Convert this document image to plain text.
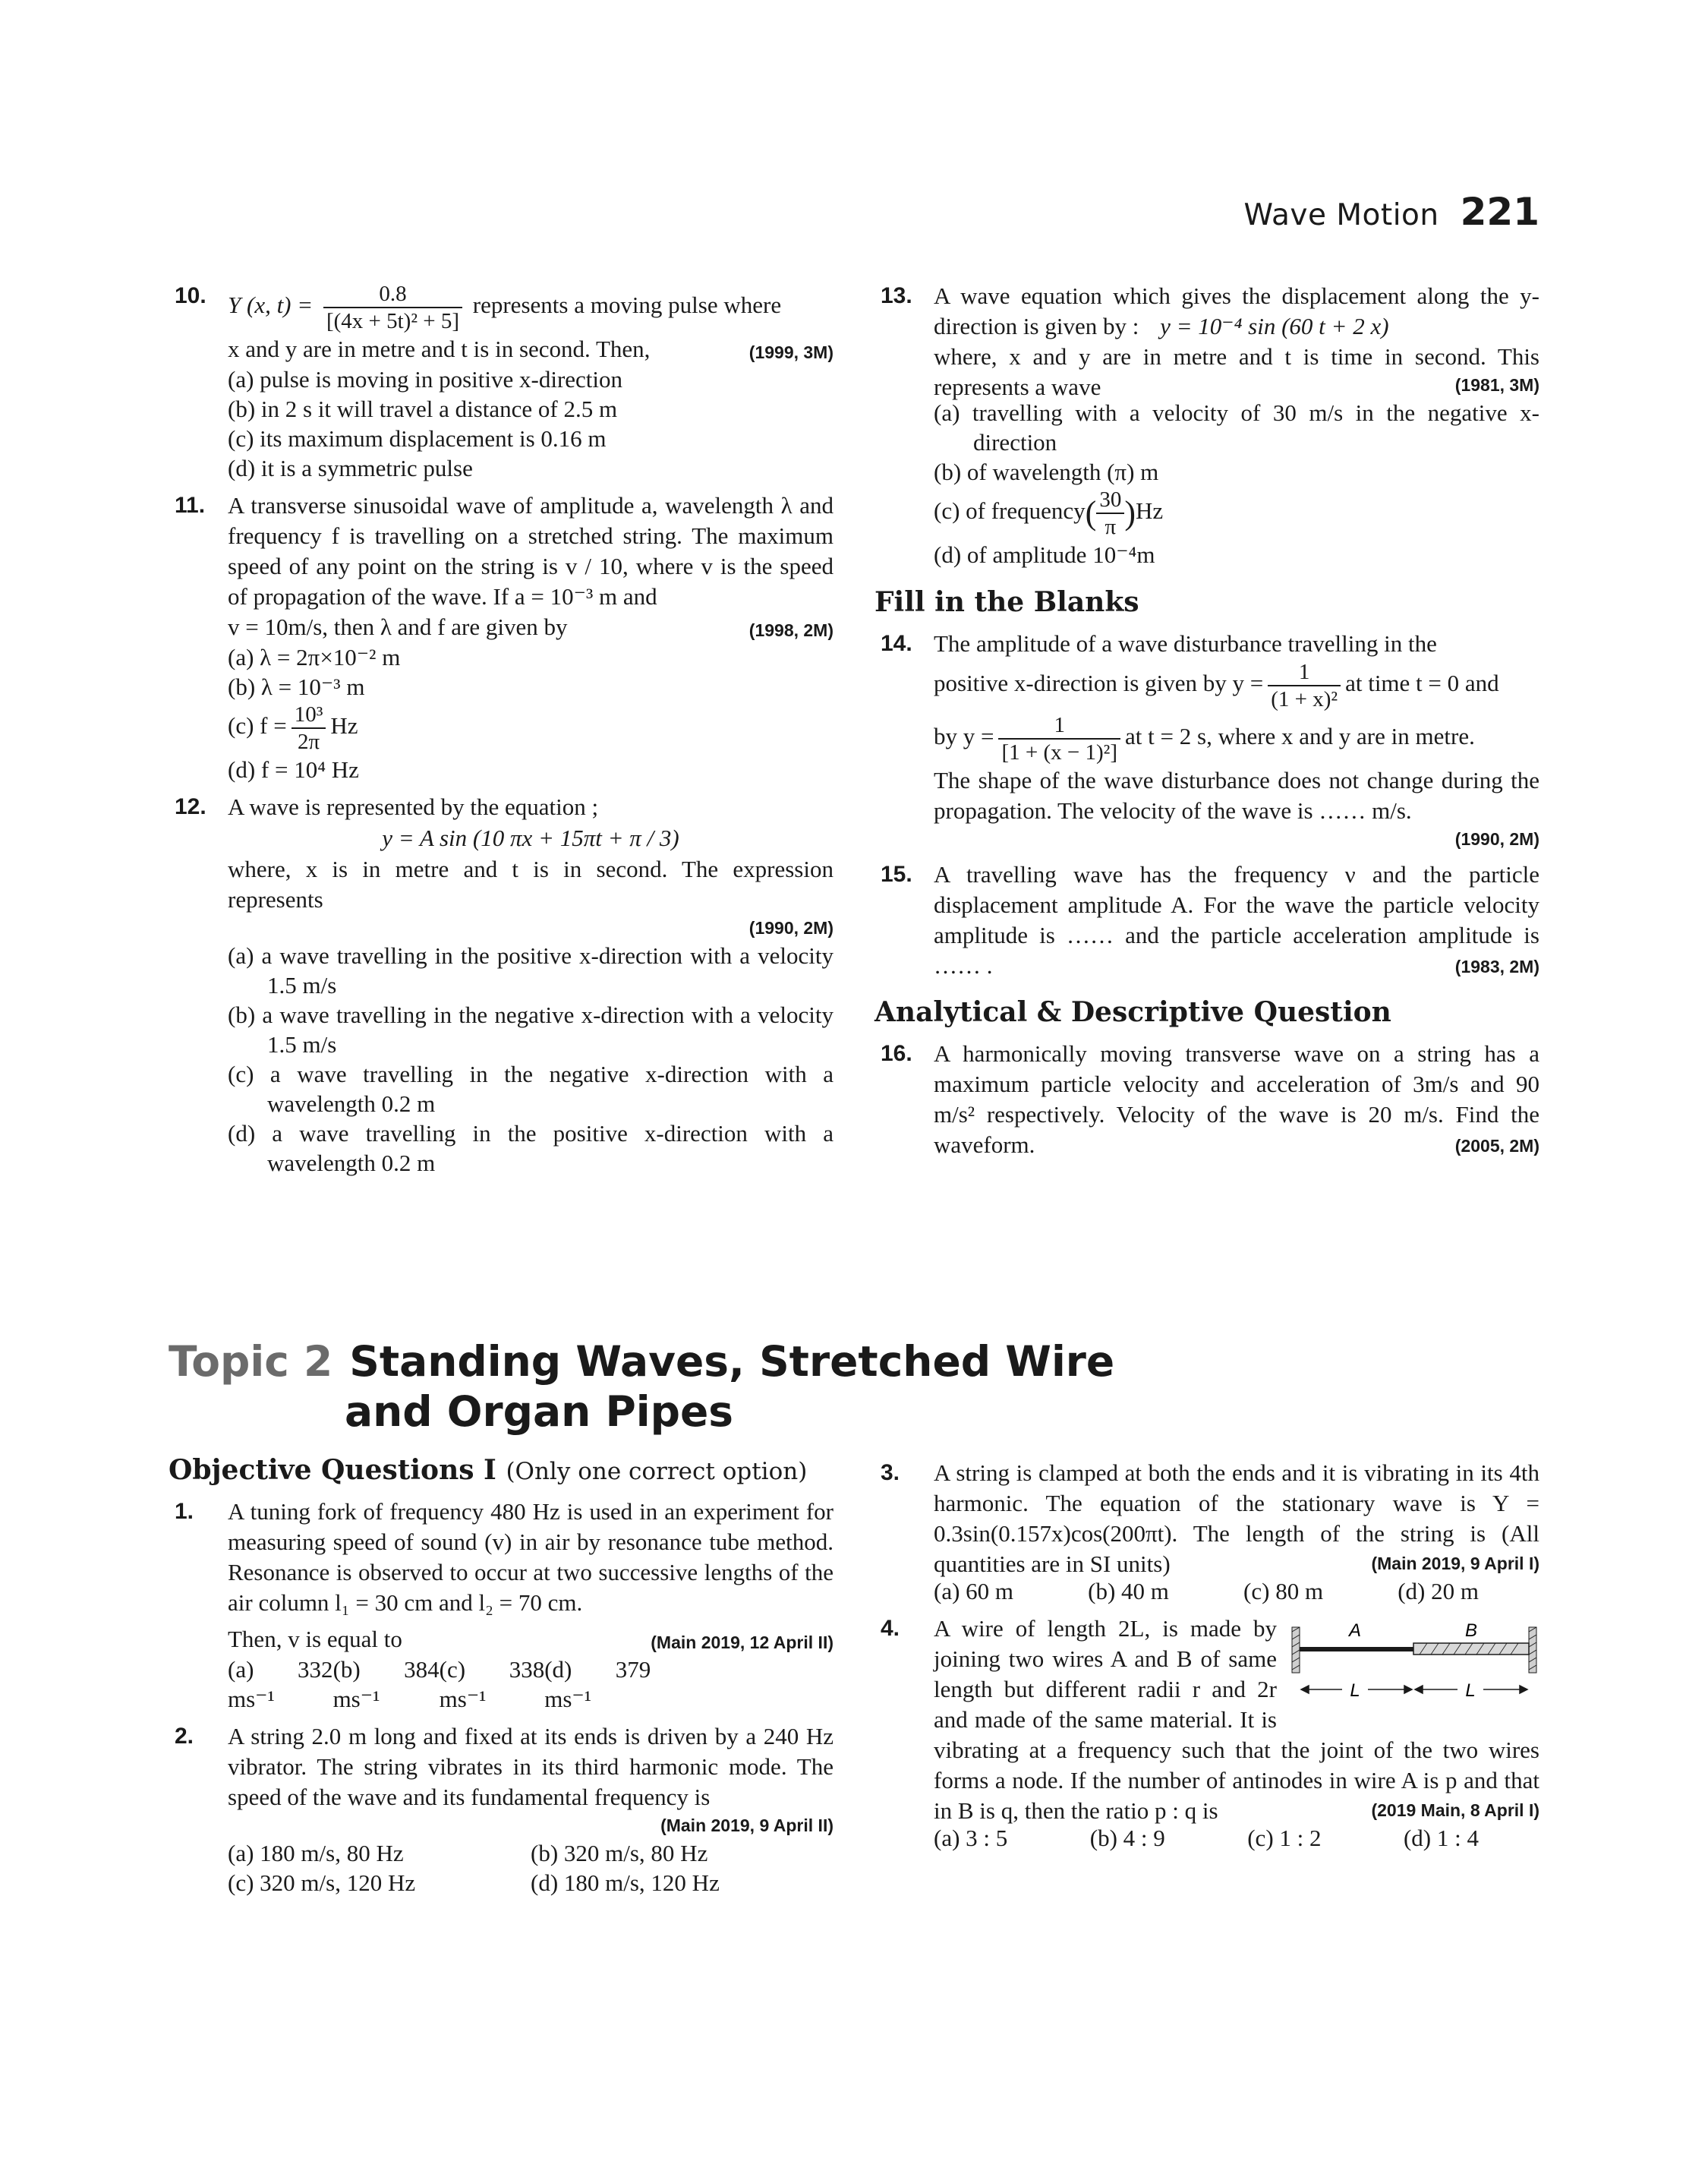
Wave Motion 221
10. Y (x, $t) = \frac{0.8}{\text{[(4x + 5t)² + 5]}}$ represents a moving pulse where
(1999, 3M)
x and y are in metre and t is in second. Then,
(a) pulse is moving in positive x-direction
(b) in 2 s it will travel a distance of 2.5 m
(c) its maximum displacement is 0.16 m
(d) it is a symmetric pulse
11. A transverse sinusoidal wave of amplitude a, wavelength λ and frequency f is travelling on a stretched string. The maximum speed of any point on the string is v / 10, where v is the speed of propagation of the wave. If a = 10⁻³ m and
(1998, 2M)
v = 10m/s, then λ and f are given by
(a) λ = 2π×10⁻² m
(b) λ = 10⁻³ m
(c) $f = \frac{\text{10³}}{2\pi}$ Hz
(d) f = 10⁴ Hz
12. A wave is represented by the equation ;
y = A sin (10 πx + 15πt + π / 3)
where, x is in metre and t is in second. The expression represents
(1990, 2M)
(a) a wave travelling in the positive x-direction with a velocity 1.5 m/s
(b) a wave travelling in the negative x-direction with a velocity 1.5 m/s
(c) a wave travelling in the negative x-direction with a wavelength 0.2 m
(d) a wave travelling in the positive x-direction with a wavelength 0.2 m
13. A wave equation which gives the displacement along the y-direction is given by : y = 10⁻⁴ sin (60 t + 2 x)
where, x and y are in metre and t is time in second. This represents a wave	(1981, 3M)
(a) travelling with a velocity of 30 m/s in the negative x-direction
(b) of wavelength (π) m
(c) of frequency( $\frac{30}{\pi} )Hz$
(d) of amplitude 10⁻⁴m
Fill in the Blanks
14. The amplitude of a wave disturbance travelling in the
positive x-direction is given by $y = \frac{1}{\text{(1 + x)²}}$ at time t = 0 and
by $y = \frac{1}{\text{[1 + (x − 1)²]}}$ at t = 2 s, where x and y are in metre.
The shape of the wave disturbance does not change during the propagation. The velocity of the wave is …… m/s.
(1990, 2M)
15. A travelling wave has the frequency ν and the particle displacement amplitude A. For the wave the particle velocity amplitude is …… and the particle acceleration amplitude is …… .	(1983, 2M)
Analytical & Descriptive Question
16. A harmonically moving transverse wave on a string has a maximum particle velocity and acceleration of 3m/s and 90 m/s² respectively. Velocity of the wave is 20 m/s. Find the waveform.	(2005, 2M)
Topic 2 Standing Waves, Stretched Wire
and Organ Pipes
Objective Questions I (Only one correct option)
1. A tuning fork of frequency 480 Hz is used in an experiment for measuring speed of sound (v) in air by resonance tube method. Resonance is observed to occur at two successive lengths of the air column l₁ = 30 cm and l₂ = 70 cm.
(Main 2019, 12 April II)
Then, v is equal to
(a) 332 ms⁻¹
(b) 384 ms⁻¹
(c) 338 ms⁻¹
(d) 379 ms⁻¹
2. A string 2.0 m long and fixed at its ends is driven by a 240 Hz vibrator. The string vibrates in its third harmonic mode. The speed of the wave and its fundamental frequency is
(Main 2019, 9 April II)
(a) 180 m/s, 80 Hz	(b) 320 m/s, 80 Hz
(c) 320 m/s, 120 Hz	(d) 180 m/s, 120 Hz
3. A string is clamped at both the ends and it is vibrating in its 4th harmonic. The equation of the stationary wave is Y = 0.3sin(0.157x)cos(200πt). The length of the string is (All quantities are in SI units)	(Main 2019, 9 April I)
(a) 60 m	(b) 40 m	(c) 80 m	(d) 20 m
4.	A	B
L	L
A wire of length 2L, is made by joining two wires A and B of same length but different radii r and 2r and made of the same material. It is vibrating at a frequency such that the joint of the two wires forms a node. If the number of antinodes in wire A is p and that in B is q, then the ratio p : q is	(2019 Main, 8 April I)
(a) 3 : 5	(b) 4 : 9	(c) 1 : 2	(d) 1 : 4
